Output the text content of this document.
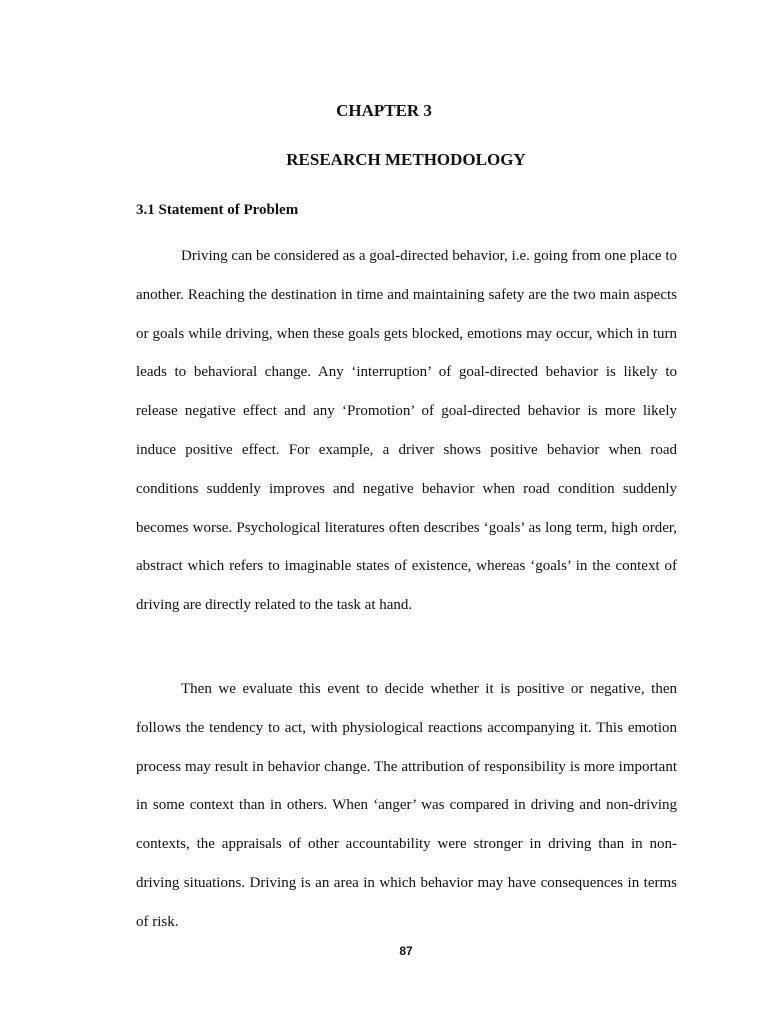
CHAPTER 3
RESEARCH METHODOLOGY
3.1 Statement of Problem

Driving can be considered as a goal-directed behavior, i.e. going from one place to another. Reaching the destination in time and maintaining safety are the two main aspects or goals while driving, when these goals gets blocked, emotions may occur, which in turn leads to behavioral change. Any ‘interruption’ of goal-directed behavior is likely to release negative effect and any ‘Promotion’ of goal-directed behavior is more likely induce positive effect. For example, a driver shows positive behavior when road conditions suddenly improves and negative behavior when road condition suddenly becomes worse. Psychological literatures often describes ‘goals’ as long term, high order, abstract which refers to imaginable states of existence, whereas ‘goals’ in the context of driving are directly related to the task at hand.

Then we evaluate this event to decide whether it is positive or negative, then follows the tendency to act, with physiological reactions accompanying it. This emotion process may result in behavior change. The attribution of responsibility is more important in some context than in others. When ‘anger’ was compared in driving and non-driving contexts, the appraisals of other accountability were stronger in driving than in non-driving situations. Driving is an area in which behavior may have consequences in terms of risk.

87
